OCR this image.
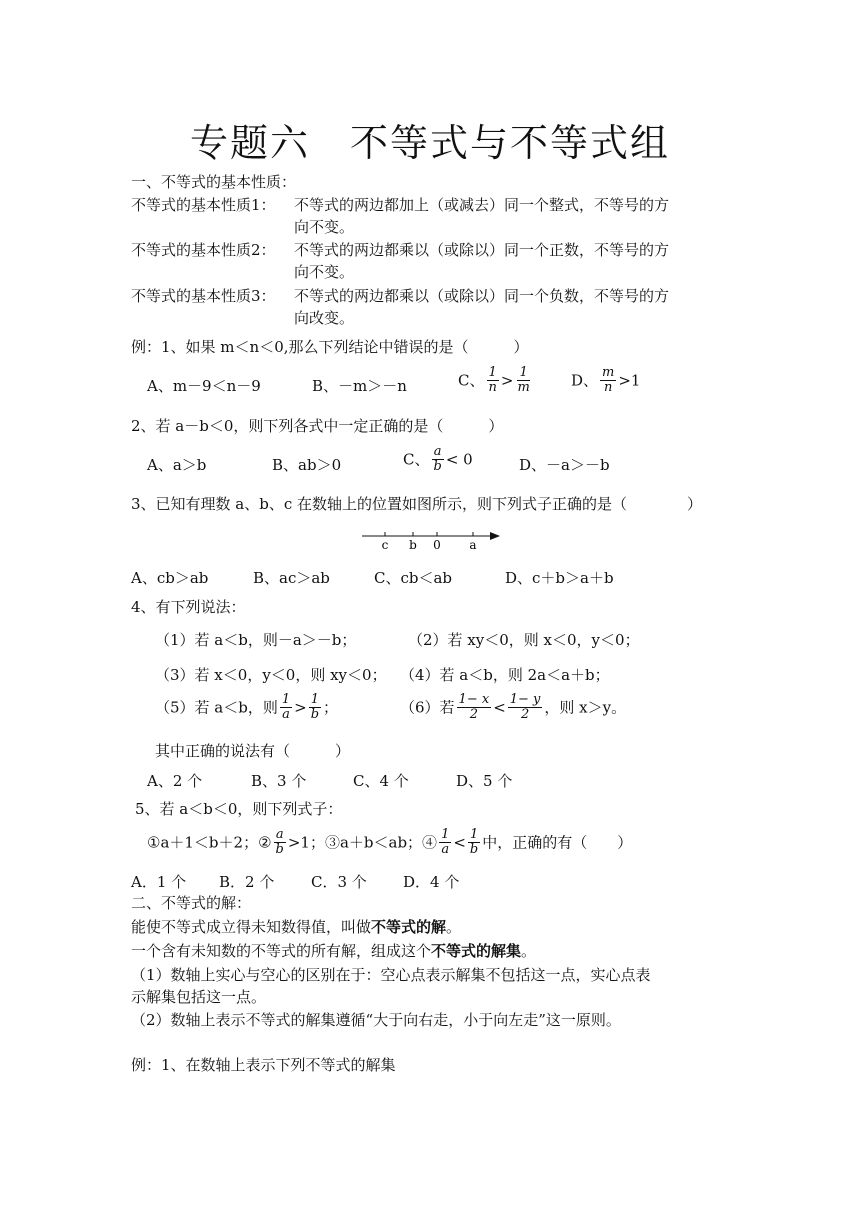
专题六　不等式与不等式组
一、不等式的基本性质：
不等式的基本性质1： 不等式的两边都加上（或减去）同一个整式，不等号的方
向不变。
不等式的基本性质2： 不等式的两边都乘以（或除以）同一个正数，不等号的方
向不变。
不等式的基本性质3： 不等式的两边都乘以（或除以）同一个负数，不等号的方
向改变。
例：1、如果 m＜n＜0,那么下列结论中错误的是（　　　）
A、m－9＜n－9	B、－m＞－n	C、 $\frac{1}{n} > \frac{1}{m}$	D、 $\frac{m}{n} >1$
2、若 a－b＜0，则下列各式中一定正确的是（　　　）
A、a＞b	B、ab＞0	C、 $\frac{a}{b} < 0$	D、－a＞－b
3、已知有理数 a、b、c 在数轴上的位置如图所示，则下列式子正确的是（　　　　）
c b 0 a
A、cb＞ab	B、ac＞ab	C、cb＜ab	D、c＋b＞a＋b
4、有下列说法：
（1）若 a＜b，则－a＞－b；	（2）若 xy＜0，则 x＜0，y＜0；
（3）若 x＜0，y＜0，则 xy＜0； （4）若 a＜b，则 2a＜a＋b；
（5）若 a＜b，则 $\frac{1}{a} > \frac{1}{b}$ ；	（6）若 $\frac{1- x}{2} < \frac{1- y}{2}$ ，则 x＞y。
其中正确的说法有（　　　）
A、2 个	B、3 个	C、4 个	D、5 个
5、若 a＜b＜0，则下列式子：
①a＋1＜b＋2；② $\frac{a}{b} >1$；③a＋b＜ab；④ $\frac{1}{a} < \frac{1}{b}$ 中，正确的有（　　）
A．1 个 B．2 个 C．3 个 D．4 个
二、不等式的解：
能使不等式成立得未知数得值，叫做不等式的解。
一个含有未知数的不等式的所有解，组成这个不等式的解集。
（1）数轴上实心与空心的区别在于：空心点表示解集不包括这一点，实心点表
示解集包括这一点。
（2）数轴上表示不等式的解集遵循“大于向右走，小于向左走”这一原则。
例：1、在数轴上表示下列不等式的解集
